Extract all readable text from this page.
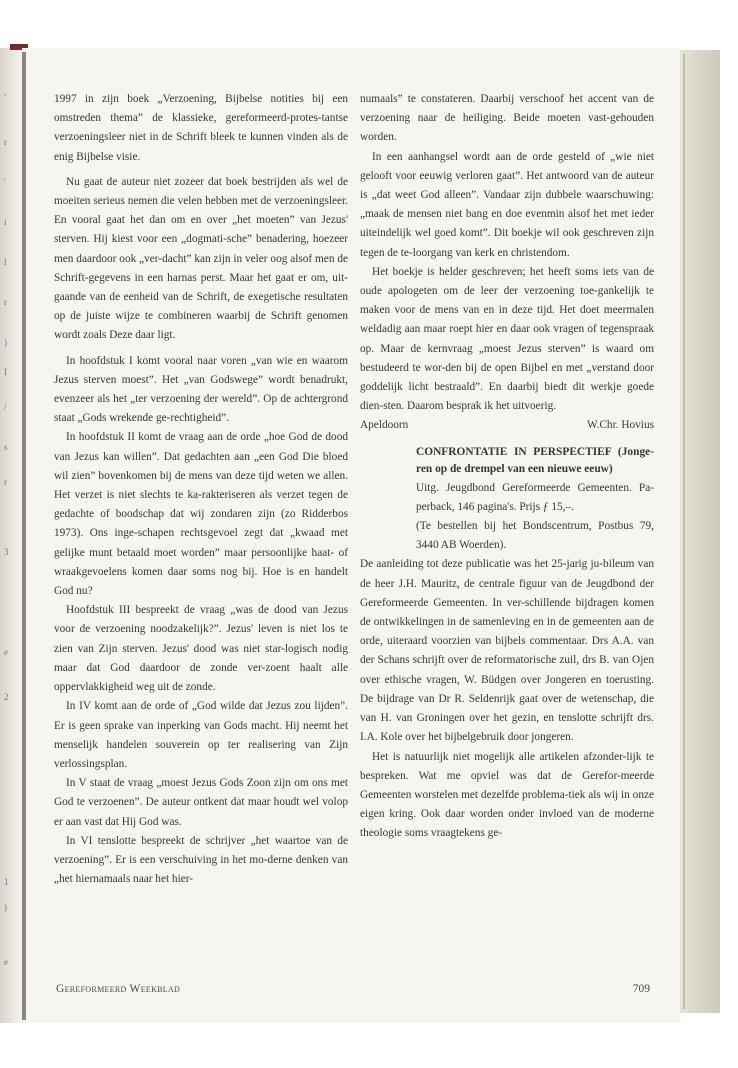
,
r
'
i
l
r
)
I
/
s
r
3
e
2
1
)
e

1997 in zijn boek „Verzoening, Bijbelse notities bij een omstreden thema” de klassieke, gereformeerd-protes-tantse verzoeningsleer niet in de Schrift bleek te kunnen vinden als de enig Bijbelse visie.

Nu gaat de auteur niet zozeer dat boek bestrijden als wel de moeiten serieus nemen die velen hebben met de verzoeningsleer. En vooral gaat het dan om en over „het moeten” van Jezus' sterven. Hij kiest voor een „dogmati-sche” benadering, hoezeer men daardoor ook „ver-dacht” kan zijn in veler oog alsof men de Schrift-gegevens in een harnas perst. Maar het gaat er om, uit-gaande van de eenheid van de Schrift, de exegetische resultaten op de juiste wijze te combineren waarbij de Schrift genomen wordt zoals Deze daar ligt.

In hoofdstuk I komt vooral naar voren „van wie en waarom Jezus sterven moest”. Het „van Godswege” wordt benadrukt, evenzeer als het „ter verzoening der wereld”. Op de achtergrond staat „Gods wrekende ge-rechtigheid”.

In hoofdstuk II komt de vraag aan de orde „hoe God de dood van Jezus kan willen”. Dat gedachten aan „een God Die bloed wil zien” bovenkomen bij de mens van deze tijd weten we allen. Het verzet is niet slechts te ka-rakteriseren als verzet tegen de gedachte of boodschap dat wij zondaren zijn (zo Ridderbos 1973). Ons inge-schapen rechtsgevoel zegt dat „kwaad met gelijke munt betaald moet worden” maar persoonlijke haat- of wraakgevoelens komen daar soms nog bij. Hoe is en handelt God nu?

Hoofdstuk III bespreekt de vraag „was de dood van Jezus voor de verzoening noodzakelijk?”. Jezus' leven is niet los te zien van Zijn sterven. Jezus' dood was niet star-logisch nodig maar dat God daardoor de zonde ver-zoent haalt alle oppervlakkigheid weg uit de zonde.

In IV komt aan de orde of „God wilde dat Jezus zou lijden”. Er is geen sprake van inperking van Gods macht. Hij neemt het menselijk handelen souverein op ter realisering van Zijn verlossingsplan.

In V staat de vraag „moest Jezus Gods Zoon zijn om ons met God te verzoenen”. De auteur ontkent dat maar houdt wel volop er aan vast dat Hij God was.

In VI tenslotte bespreekt de schrijver „het waartoe van de verzoening”. Er is een verschuiving in het mo-derne denken van „het hiernamaals naar het hier-

numaals” te constateren. Daarbij verschoof het accent van de verzoening naar de heiliging. Beide moeten vast-gehouden worden.

In een aanhangsel wordt aan de orde gesteld of „wie niet gelooft voor eeuwig verloren gaat”. Het antwoord van de auteur is „dat weet God alleen”. Vandaar zijn dubbele waarschuwing: „maak de mensen niet bang en doe evenmin alsof het met ieder uiteindelijk wel goed komt”. Dit boekje wil ook geschreven zijn tegen de te-loorgang van kerk en christendom.

Het boekje is helder geschreven; het heeft soms iets van de oude apologeten om de leer der verzoening toe-gankelijk te maken voor de mens van en in deze tijd. Het doet meermalen weldadig aan maar roept hier en daar ook vragen of tegenspraak op. Maar de kernvraag „moest Jezus sterven” is waard om bestudeerd te wor-den bij de open Bijbel en met „verstand door goddelijk licht bestraald”. En daarbij biedt dit werkje goede dien-sten. Daarom besprak ik het uitvoerig.

Apeldoorn	W.Chr. Hovius

CONFRONTATIE IN PERSPECTIEF (Jonge-ren op de drempel van een nieuwe eeuw)

Uitg. Jeugdbond Gereformeerde Gemeenten. Pa-perback, 146 pagina's. Prijs ƒ 15,–.

(Te bestellen bij het Bondscentrum, Postbus 79, 3440 AB Woerden).

De aanleiding tot deze publicatie was het 25-jarig ju-bileum van de heer J.H. Mauritz, de centrale figuur van de Jeugdbond der Gereformeerde Gemeenten. In ver-schillende bijdragen komen de ontwikkelingen in de samenleving en in de gemeenten aan de orde, uiteraard voorzien van bijbels commentaar. Drs A.A. van der Schans schrijft over de reformatorische zuil, drs B. van Ojen over ethische vragen, W. Büdgen over Jongeren en toerusting. De bijdrage van Dr R. Seldenrijk gaat over de wetenschap, die van H. van Groningen over het gezin, en tenslotte schrijft drs. I.A. Kole over het bijbelgebruik door jongeren.

Het is natuurlijk niet mogelijk alle artikelen afzonder-lijk te bespreken. Wat me opviel was dat de Gerefor-meerde Gemeenten worstelen met dezelfde problema-tiek als wij in onze eigen kring. Ook daar worden onder invloed van de moderne theologie soms vraagtekens ge-

Gereformeerd Weekblad	709
